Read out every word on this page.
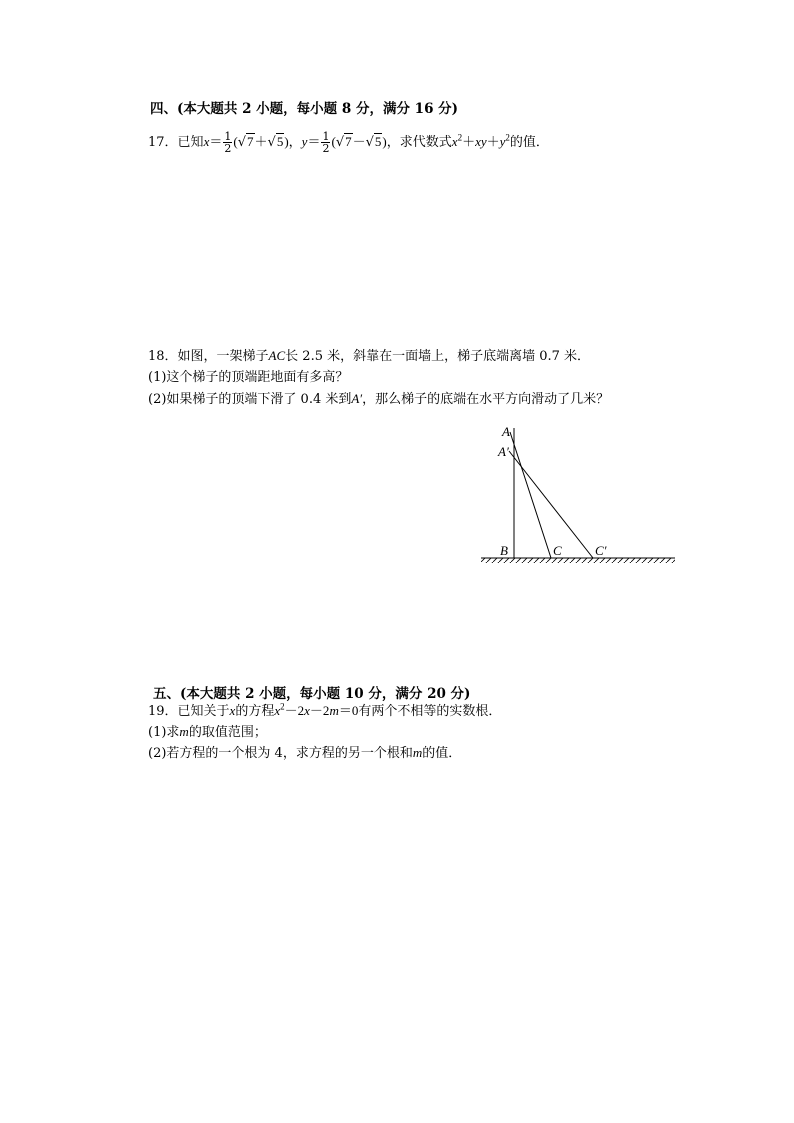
四、(本大题共 2 小题，每小题 8 分，满分 16 分)
17．已知$x= \frac{1}{2} (√7+√5)$，$y= \frac{1}{2} (√7-√5)$，求代数式$x^2+xy+y^2$的值．
18．如图，一架梯子AC长 2.5 米，斜靠在一面墙上，梯子底端离墙 0.7 米．
(1)这个梯子的顶端距地面有多高？
(2)如果梯子的顶端下滑了 0.4 米到A′，那么梯子的底端在水平方向滑动了几米？
A
A′
B	C	C′
五、(本大题共 2 小题，每小题 10 分，满分 20 分)
19．已知关于x的方程$x^2-2x-2m=0$有两个不相等的实数根．
(1)求m的取值范围；
(2)若方程的一个根为 4，求方程的另一个根和m的值．
